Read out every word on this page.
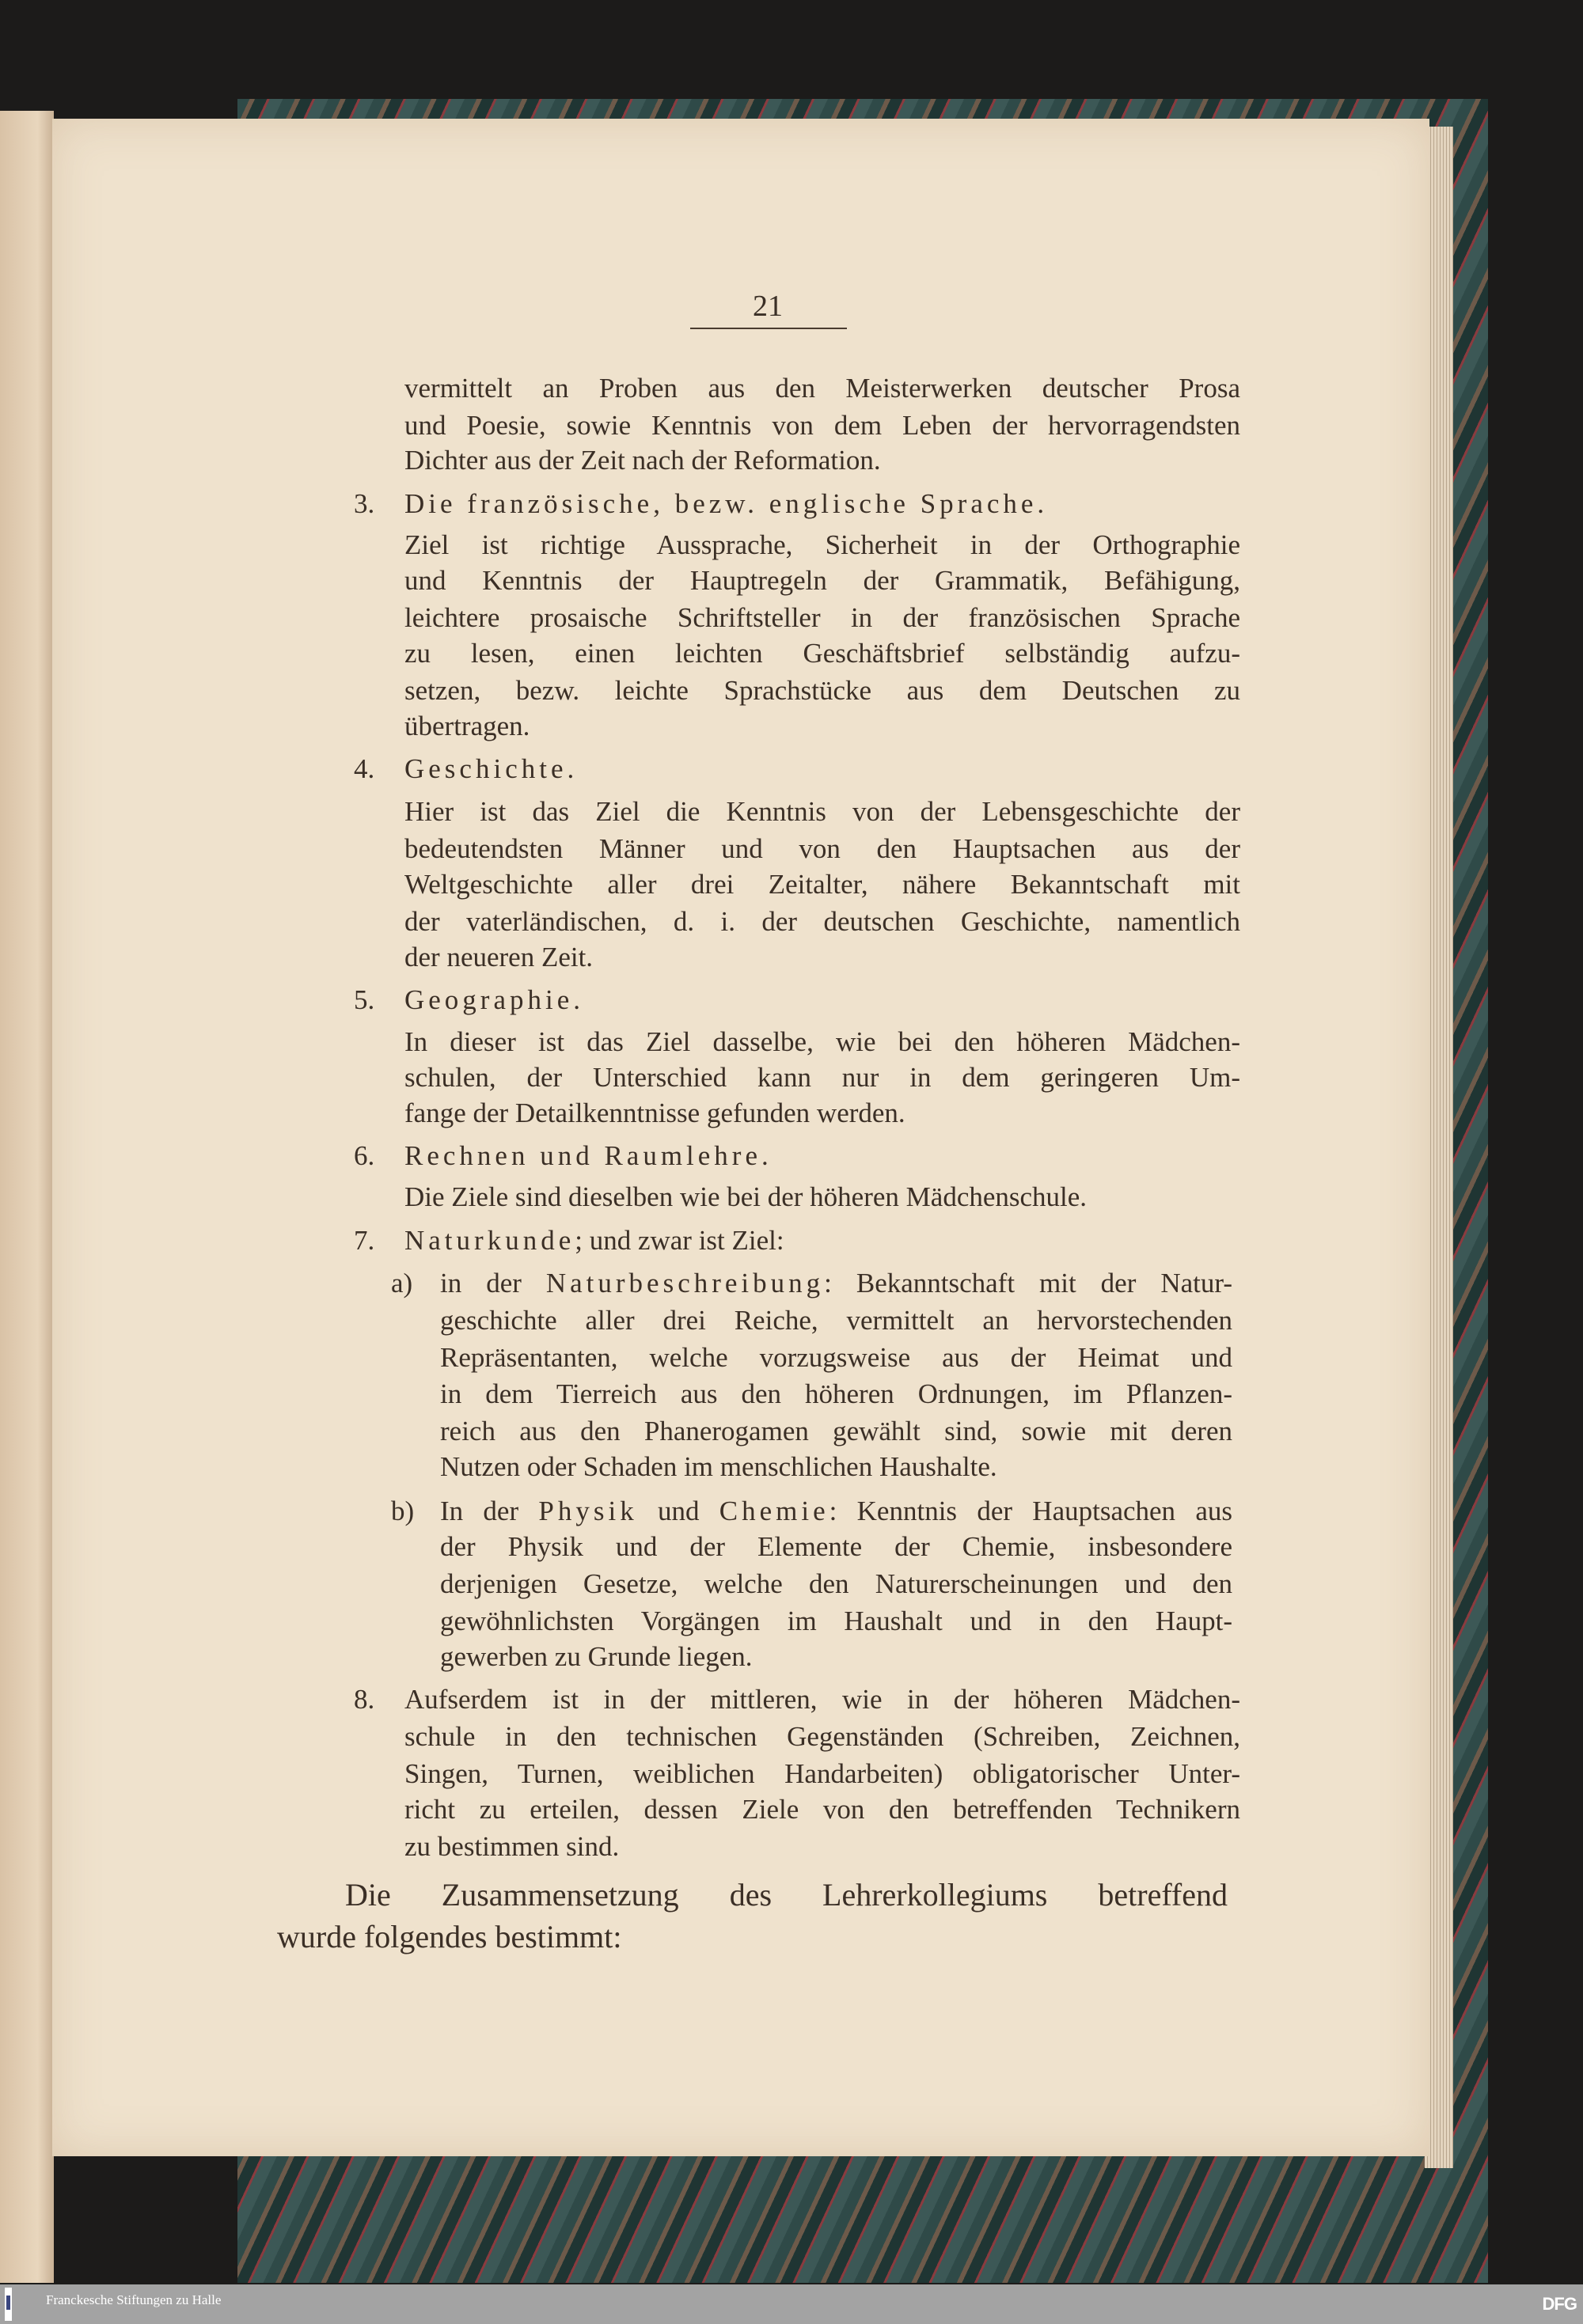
21
vermittelt an Proben aus den Meisterwerken deutscher Prosa
und Poesie, sowie Kenntnis von dem Leben der hervorragendsten
Dichter aus der Zeit nach der Reformation.
3. Die französische, bezw. englische Sprache.
Ziel ist richtige Aussprache, Sicherheit in der Orthographie
und Kenntnis der Hauptregeln der Grammatik, Befähigung,
leichtere prosaische Schriftsteller in der französischen Sprache
zu lesen, einen leichten Geschäftsbrief selbständig aufzu-
setzen, bezw. leichte Sprachstücke aus dem Deutschen zu
übertragen.
4. Geschichte.
Hier ist das Ziel die Kenntnis von der Lebensgeschichte der
bedeutendsten Männer und von den Hauptsachen aus der
Weltgeschichte aller drei Zeitalter, nähere Bekanntschaft mit
der vaterländischen, d. i. der deutschen Geschichte, namentlich
der neueren Zeit.
5. Geographie.
In dieser ist das Ziel dasselbe, wie bei den höheren Mädchen-
schulen, der Unterschied kann nur in dem geringeren Um-
fange der Detailkenntnisse gefunden werden.
6. Rechnen und Raumlehre.
Die Ziele sind dieselben wie bei der höheren Mädchenschule.
7. Naturkunde; und zwar ist Ziel:
a) in der Naturbeschreibung: Bekanntschaft mit der Natur-
geschichte aller drei Reiche, vermittelt an hervorstechenden
Repräsentanten, welche vorzugsweise aus der Heimat und
in dem Tierreich aus den höheren Ordnungen, im Pflanzen-
reich aus den Phanerogamen gewählt sind, sowie mit deren
Nutzen oder Schaden im menschlichen Haushalte.
b) In der Physik und Chemie: Kenntnis der Hauptsachen aus
der Physik und der Elemente der Chemie, insbesondere
derjenigen Gesetze, welche den Naturerscheinungen und den
gewöhnlichsten Vorgängen im Haushalt und in den Haupt-
gewerben zu Grunde liegen.
8. Aufserdem ist in der mittleren, wie in der höheren Mädchen-
schule in den technischen Gegenständen (Schreiben, Zeichnen,
Singen, Turnen, weiblichen Handarbeiten) obligatorischer Unter-
richt zu erteilen, dessen Ziele von den betreffenden Technikern
zu bestimmen sind.
Die Zusammensetzung des Lehrerkollegiums betreffend
wurde folgendes bestimmt:
Franckesche Stiftungen zu Halle	DFG
